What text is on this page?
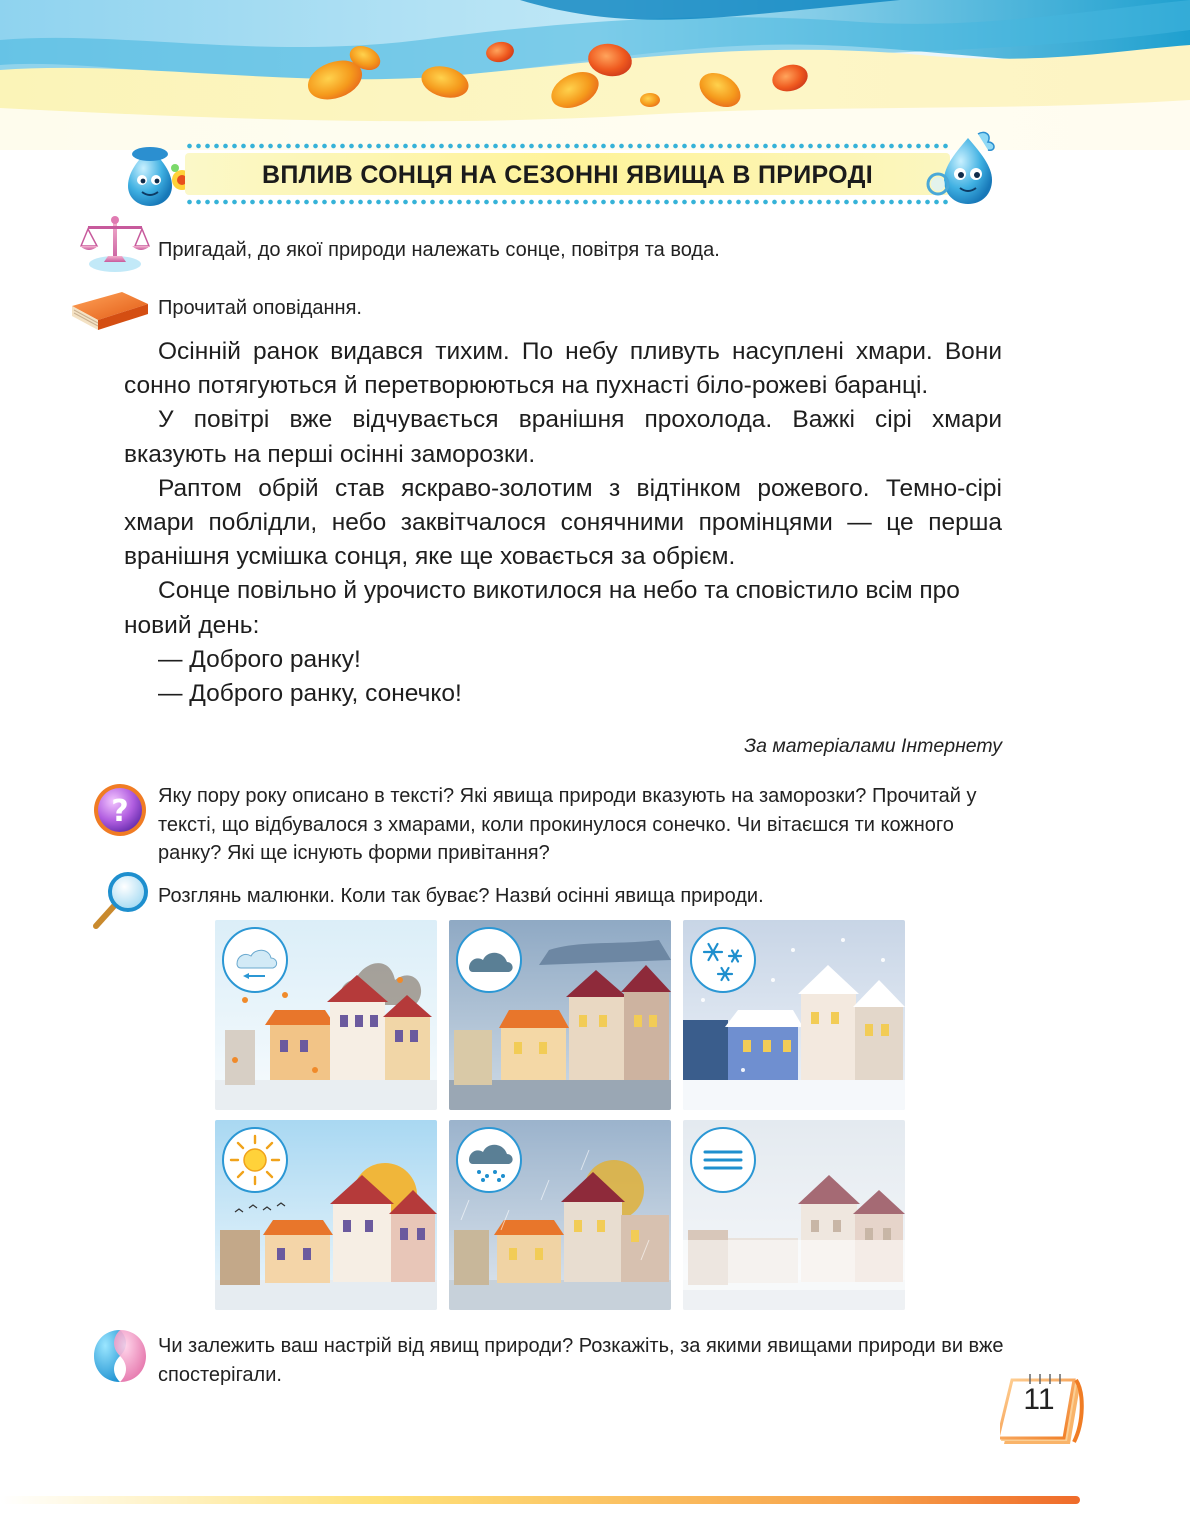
ВПЛИВ СОНЦЯ НА СЕЗОННІ ЯВИЩА В ПРИРОДІ
Пригадай, до якої природи належать сонце, повітря та вода.
Прочитай оповідання.

Осінній ранок видався тихим. По небу пливуть насуплені хмари. Вони сонно потягуються й перетворюються на пухнасті біло-рожеві баранці.

У повітрі вже відчувається вранішня прохолода. Важкі сірі хмари вказують на перші осінні заморозки.

Раптом обрій став яскраво-золотим з відтінком рожевого. Темно-сірі хмари поблідли, небо заквітчалося сонячними промінцями — це перша вранішня усмішка сонця, яке ще ховається за обрієм.

Сонце повільно й урочисто викотилося на небо та сповістило всім про новий день:

— Доброго ранку!

— Доброго ранку, сонечко!

За матеріалами Інтернету
? Яку пору року описано в тексті? Які явища природи вказують на заморозки? Прочитай у тексті, що відбувалося з хмарами, коли прокинулося сонечко. Чи вітаєшся ти кожного ранку? Які ще існують форми привітання?
Розглянь малюнки. Коли так буває? Назви́ осінні явища природи.
Чи залежить ваш настрій від явищ природи? Розкажіть, за якими явищами природи ви вже спостерігали.
11
